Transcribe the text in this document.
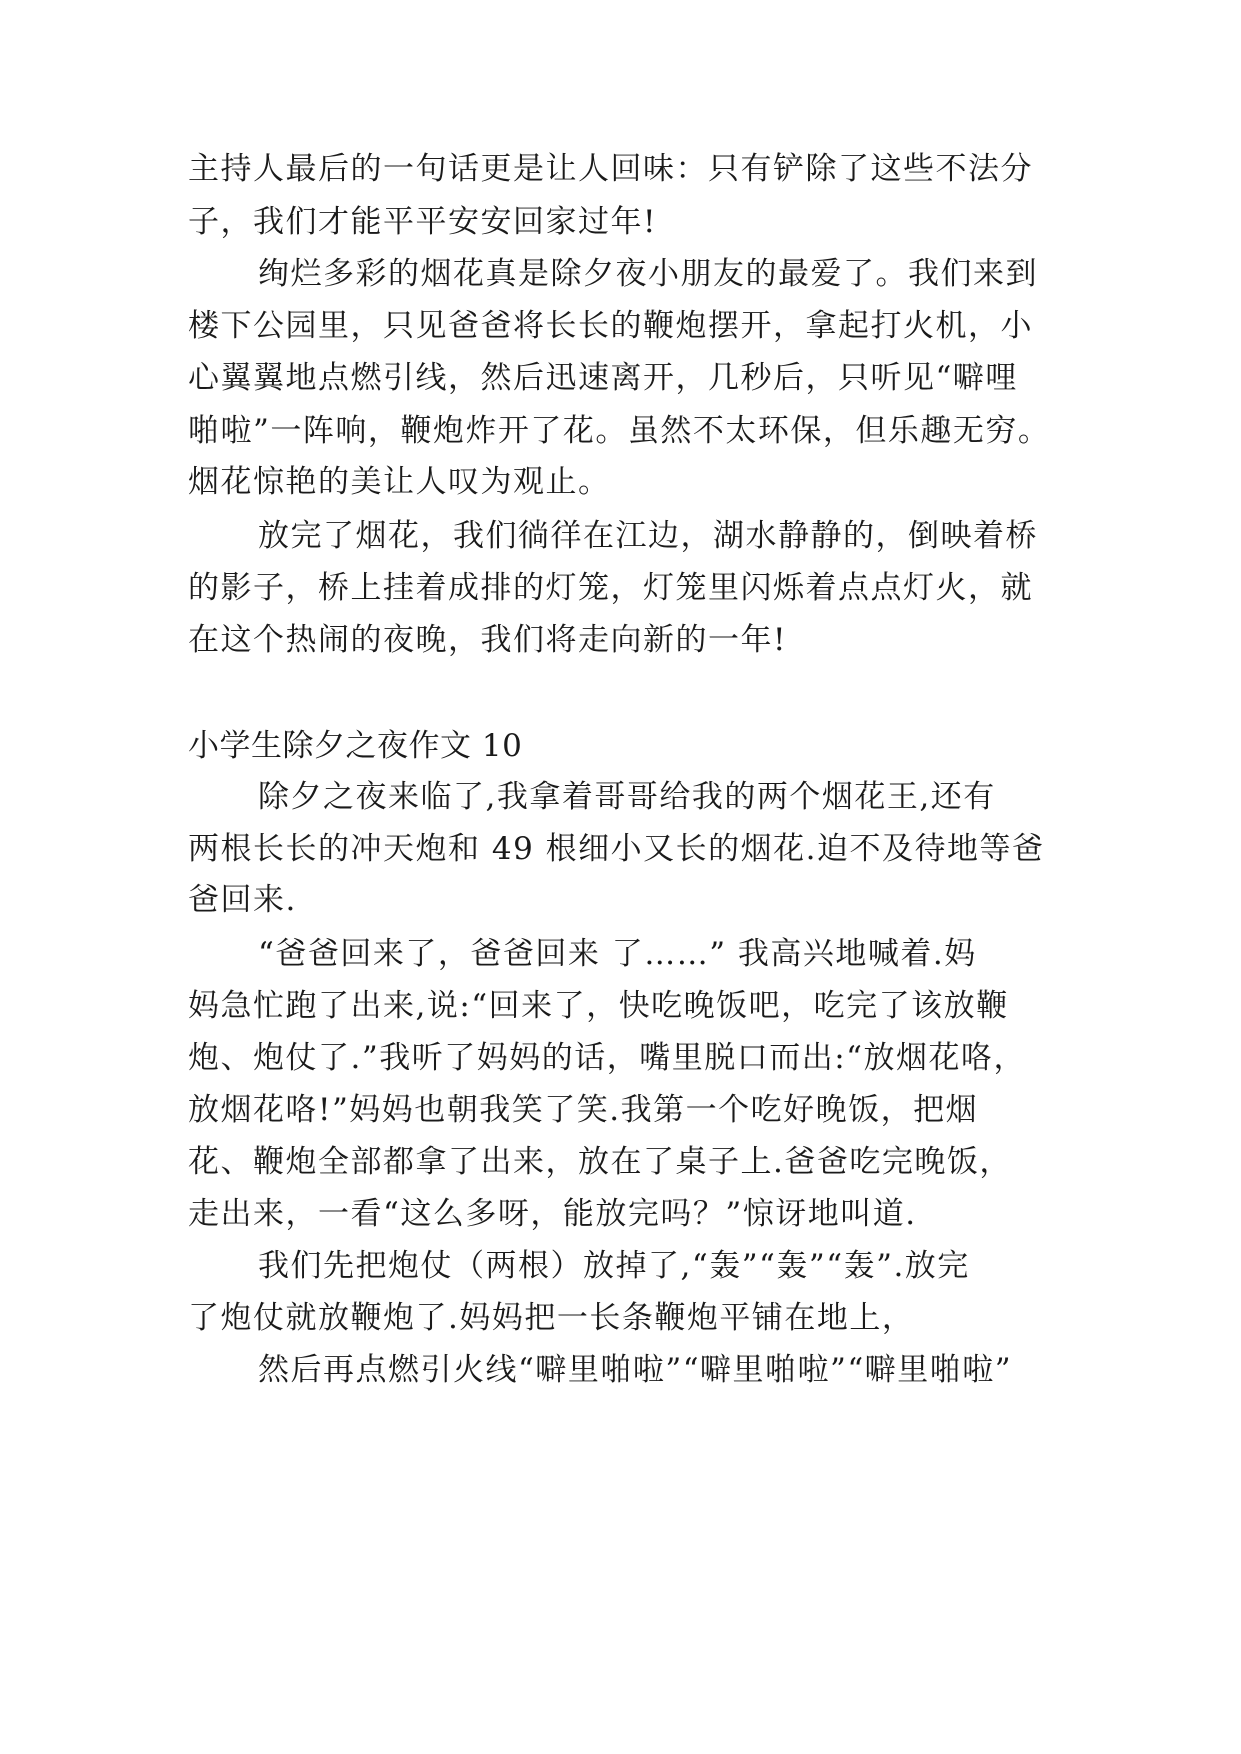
主持人最后的一句话更是让人回味：只有铲除了这些不法分
子，我们才能平平安安回家过年!
绚烂多彩的烟花真是除夕夜小朋友的最爱了。我们来到
楼下公园里，只见爸爸将长长的鞭炮摆开，拿起打火机，小
心翼翼地点燃引线，然后迅速离开，几秒后，只听见“噼哩
啪啦”一阵响，鞭炮炸开了花。虽然不太环保，但乐趣无穷。
烟花惊艳的美让人叹为观止。
放完了烟花，我们徜徉在江边，湖水静静的，倒映着桥
的影子，桥上挂着成排的灯笼，灯笼里闪烁着点点灯火，就
在这个热闹的夜晚，我们将走向新的一年!
小学生除夕之夜作文 10
除夕之夜来临了,我拿着哥哥给我的两个烟花王,还有
两根长长的冲天炮和 49 根细小又长的烟花.迫不及待地等爸
爸回来.
“爸爸回来了，爸爸回来 了……” 我高兴地喊着.妈
妈急忙跑了出来,说:“回来了，快吃晚饭吧，吃完了该放鞭
炮、炮仗了.”我听了妈妈的话，嘴里脱口而出:“放烟花咯，
放烟花咯!”妈妈也朝我笑了笑.我第一个吃好晚饭，把烟
花、鞭炮全部都拿了出来，放在了桌子上.爸爸吃完晚饭，
走出来，一看“这么多呀，能放完吗？”惊讶地叫道.
我们先把炮仗（两根）放掉了,“轰”“轰”“轰”.放完
了炮仗就放鞭炮了.妈妈把一长条鞭炮平铺在地上，
然后再点燃引火线“噼里啪啦”“噼里啪啦”“噼里啪啦”
